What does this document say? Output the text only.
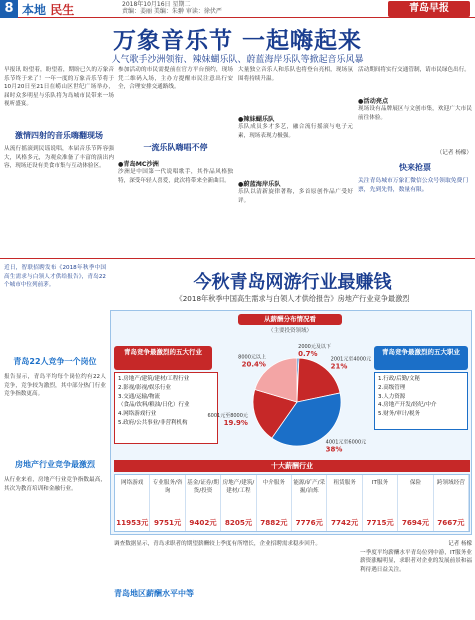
8 本地 民生	2018年10月16日 星期二
责编：姜丽 美编：朱翀 审读：徐伏严	青岛早报
万象音乐节 一起嗨起来
人气歌手沙洲领衔、辣妹蝴乐队、蔚蓝海岸乐队等掀起音乐风暴
早报讯 盼望着，盼望着，期盼已久的万象音乐节终于来了！一年一度的万象音乐节将于10月20日至21日在崂山区世纪广场举办，届时众多明星与乐队将为岛城市民带来一场视听盛宴。
激情四射的音乐嗨翻现场
从流行摇滚到民谣说唱，本届音乐节阵容强大，风格多元，为观众准备了丰富的演出内容，现场还设有美食市集与互动体验区。
参加活动的市民需提前在官方平台预约，现场凭二维码入场，主办方提醒市民注意出行安全，合理安排交通路线。
一流乐队嗨唱不停
●青岛MC沙洲
沙洲是中国第一代说唱歌手，其作品风格独特，深受年轻人喜爱，此次将带来全新曲目。
大量独立音乐人和乐队也将登台亮相，现场氛围将持续升温。
●辣妹蝴乐队
乐队成员多才多艺，融合流行摇滚与电子元素，现场表现力极强。
●蔚蓝海岸乐队
乐队以清新旋律著称，多首原创作品广受好评。
活动期间将实行交通管制，请市民绿色出行。
●活动亮点
现场设有品牌展区与文创市集，欢迎广大市民前往体验。
（记者 杨檬）
快来抢票
关注青岛城市万象汇微信公众号领取免费门票，先到先得，数量有限。
近日，智联招聘发布《2018年秋季中国高生需求与白领人才供给报告》，青岛22个城市中位列前茅。
青岛22人竞争一个岗位
报告显示，青岛平均每个岗位约有22人竞争，竞争较为激烈，其中部分热门行业竞争指数更高。
房地产行业竞争最激烈
从行业来看，房地产行业竞争指数最高，其次为教育培训和金融行业。
今秋青岛网游行业最赚钱
《2018年秋季中国高生需求与白领人才供给报告》房地产行业竞争最激烈
从薪酬分布情况看
（主要投资领域）
青岛竞争最激烈的五大行业
1.房地产/建筑/建材/工程行业
2.影视/影视/娱乐行业
3.交通/运输/物流
（食品/饮料/粮油/日化）行业
4.网络游戏行业
5.政府/公共事业/非营利机构
青岛竞争最激烈的五大职业
1.行政/后勤/文秘
2.高级管理
3.人力资源
4.房地产开发/经纪/中介
5.财务/审计/税务
2000元及以下
0.7%
2001元至4000元
21%
4001元至6000元
38%
6001元至8000元
19.9%
8000元以上
20.4%
十大薪酬行业
网络游戏
11953元
专业服务/咨询
9751元
基金/证券/期货/投资
9402元
房地产/建筑/建材/工程
8205元
中介服务
7882元
能源/矿产/采掘/冶炼
7776元
租赁服务
7742元
IT服务
7715元
保险
7694元
跨领域经营
7667元
调查数据显示，青岛求职者的期望薪酬较上季度有所增长，企业招聘需求稳步回升。
青岛地区薪酬水平中等
记者 杨檬
一季度平均薪酬水平青岛位列中游，IT服务业薪资涨幅明显，求职者对企业的发展前景和福利待遇日益关注。
